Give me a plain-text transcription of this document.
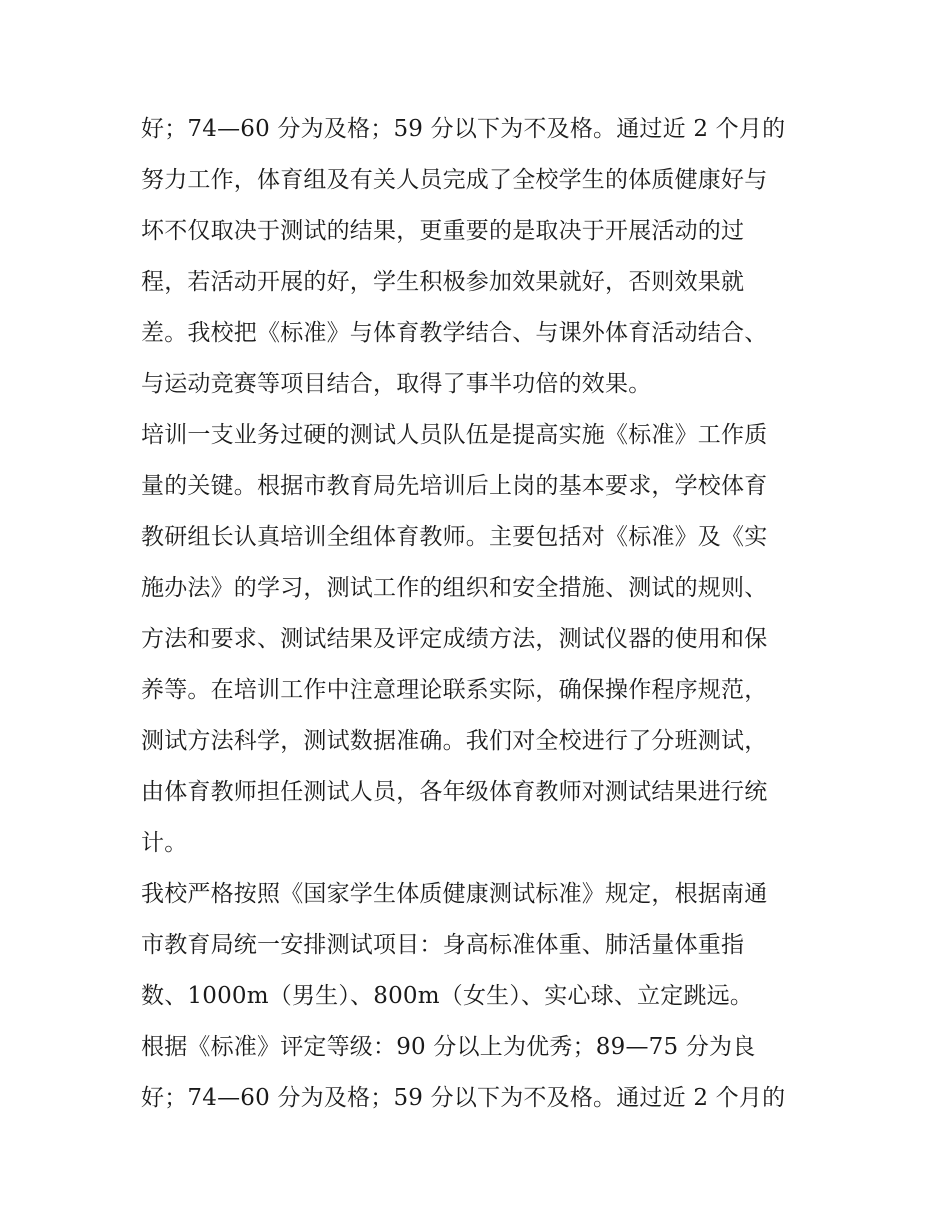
好；74—60 分为及格；59 分以下为不及格。通过近 2 个月的
努力工作，体育组及有关人员完成了全校学生的体质健康好与
坏不仅取决于测试的结果，更重要的是取决于开展活动的过
程，若活动开展的好，学生积极参加效果就好，否则效果就
差。我校把《标准》与体育教学结合、与课外体育活动结合、
与运动竞赛等项目结合，取得了事半功倍的效果。
培训一支业务过硬的测试人员队伍是提高实施《标准》工作质
量的关键。根据市教育局先培训后上岗的基本要求，学校体育
教研组长认真培训全组体育教师。主要包括对《标准》及《实
施办法》的学习，测试工作的组织和安全措施、测试的规则、
方法和要求、测试结果及评定成绩方法，测试仪器的使用和保
养等。在培训工作中注意理论联系实际，确保操作程序规范，
测试方法科学，测试数据准确。我们对全校进行了分班测试，
由体育教师担任测试人员，各年级体育教师对测试结果进行统
计。
我校严格按照《国家学生体质健康测试标准》规定，根据南通
市教育局统一安排测试项目：身高标准体重、肺活量体重指
数、1000m（男生）、800m（女生）、实心球、立定跳远。
根据《标准》评定等级：90 分以上为优秀；89—75 分为良
好；74—60 分为及格；59 分以下为不及格。通过近 2 个月的
